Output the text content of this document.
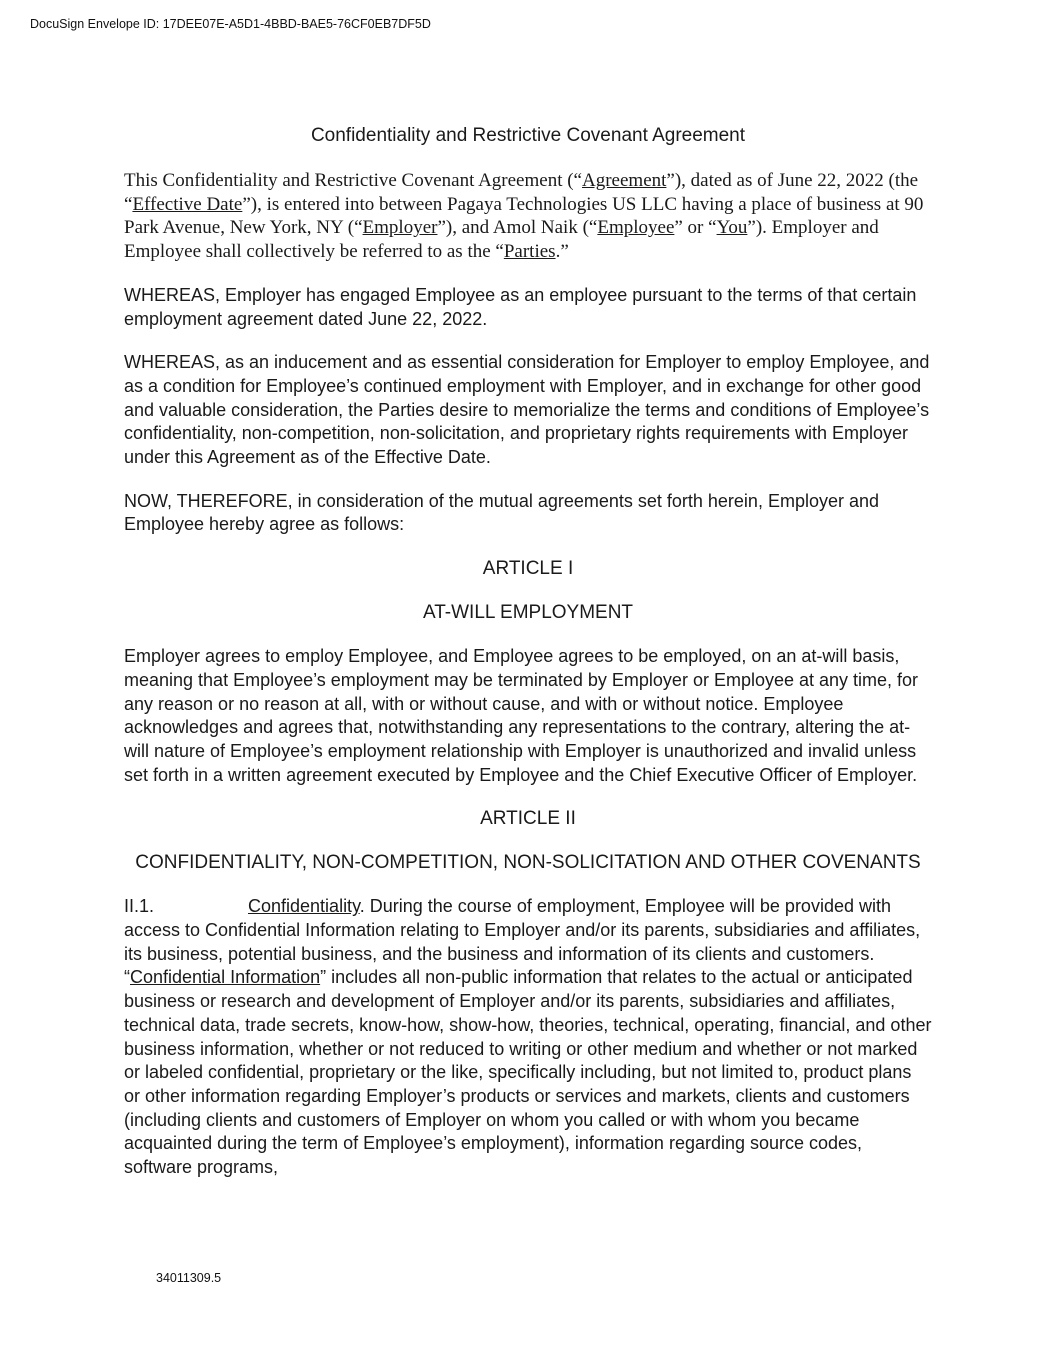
DocuSign Envelope ID: 17DEE07E-A5D1-4BBD-BAE5-76CF0EB7DF5D
Confidentiality and Restrictive Covenant Agreement

This Confidentiality and Restrictive Covenant Agreement (“Agreement”), dated as of June 22, 2022 (the “Effective Date”), is entered into between Pagaya Technologies US LLC having a place of business at 90 Park Avenue, New York, NY (“Employer”), and Amol Naik (“Employee” or “You”). Employer and Employee shall collectively be referred to as the “Parties.”

WHEREAS, Employer has engaged Employee as an employee pursuant to the terms of that certain employment agreement dated June 22, 2022.

WHEREAS, as an inducement and as essential consideration for Employer to employ Employee, and as a condition for Employee’s continued employment with Employer, and in exchange for other good and valuable consideration, the Parties desire to memorialize the terms and conditions of Employee’s confidentiality, non-competition, non-solicitation, and proprietary rights requirements with Employer under this Agreement as of the Effective Date.

NOW, THEREFORE, in consideration of the mutual agreements set forth herein, Employer and Employee hereby agree as follows:

ARTICLE I
AT-WILL EMPLOYMENT

Employer agrees to employ Employee, and Employee agrees to be employed, on an at-will basis, meaning that Employee’s employment may be terminated by Employer or Employee at any time, for any reason or no reason at all, with or without cause, and with or without notice. Employee acknowledges and agrees that, notwithstanding any representations to the contrary, altering the at-will nature of Employee’s employment relationship with Employer is unauthorized and invalid unless set forth in a written agreement executed by Employee and the Chief Executive Officer of Employer.

ARTICLE II
CONFIDENTIALITY, NON-COMPETITION, NON-SOLICITATION AND OTHER COVENANTS

II.1.	Confidentiality. During the course of employment, Employee will be provided with access to Confidential Information relating to Employer and/or its parents, subsidiaries and affiliates, its business, potential business, and the business and information of its clients and customers. “Confidential Information” includes all non-public information that relates to the actual or anticipated business or research and development of Employer and/or its parents, subsidiaries and affiliates, technical data, trade secrets, know-how, show-how, theories, technical, operating, financial, and other business information, whether or not reduced to writing or other medium and whether or not marked or labeled confidential, proprietary or the like, specifically including, but not limited to, product plans or other information regarding Employer’s products or services and markets, clients and customers (including clients and customers of Employer on whom you called or with whom you became acquainted during the term of Employee’s employment), information regarding source codes, software programs,

34011309.5
